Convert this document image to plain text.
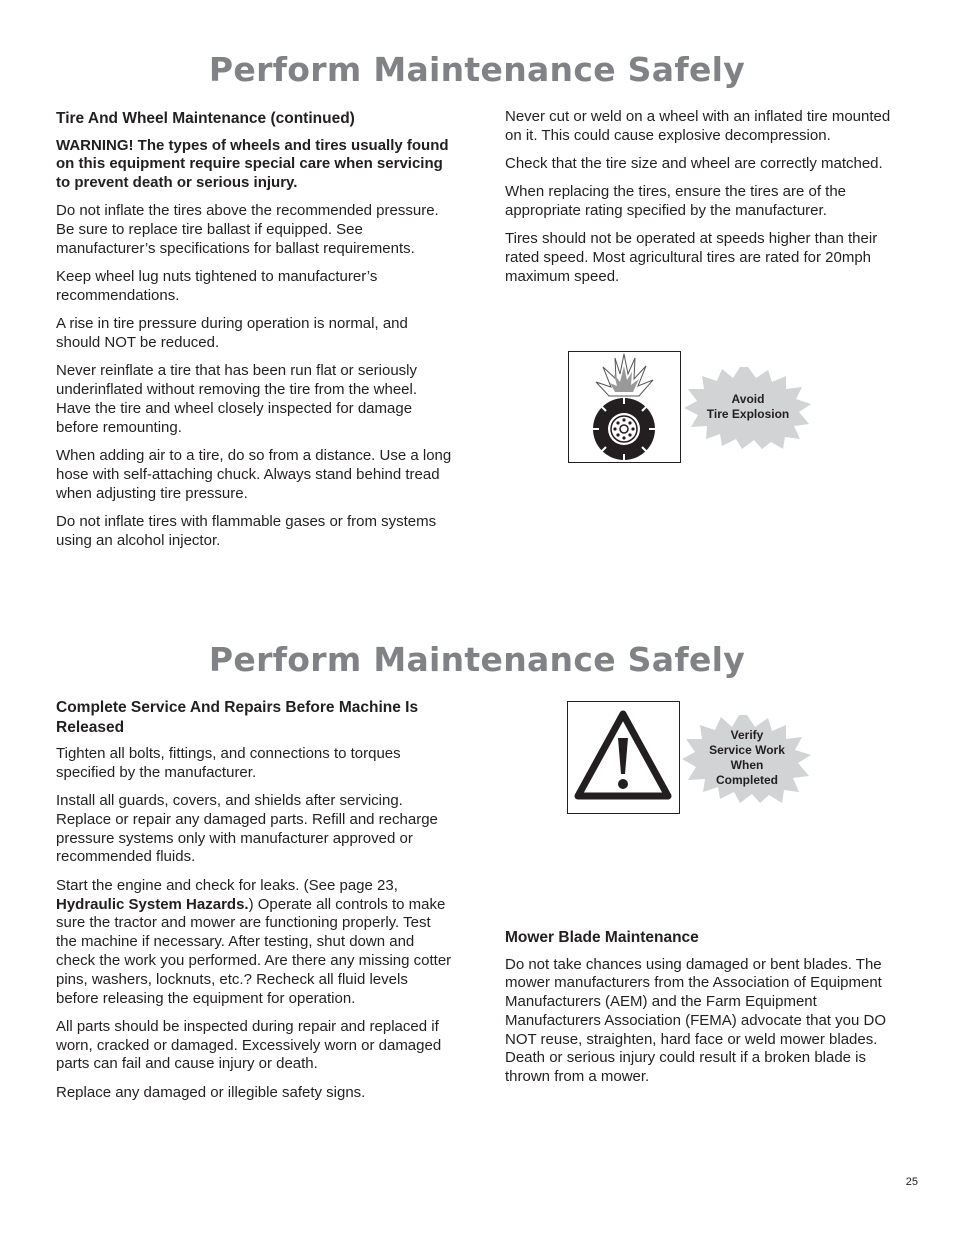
Perform Maintenance Safely
Tire And Wheel Maintenance (continued)

WARNING! The types of wheels and tires usually found on this equipment require special care when servicing to prevent death or serious injury.

Do not inflate the tires above the recommended pressure. Be sure to replace tire ballast if equipped. See manufacturer’s specifications for ballast requirements.

Keep wheel lug nuts tightened to manufacturer’s recommendations.

A rise in tire pressure during operation is normal, and should NOT be reduced.

Never reinflate a tire that has been run flat or seriously underinflated without removing the tire from the wheel. Have the tire and wheel closely inspected for damage before remounting.

When adding air to a tire, do so from a distance. Use a long hose with self-attaching chuck. Always stand behind tread when adjusting tire pressure.

Do not inflate tires with flammable gases or from systems using an alcohol injector.

Never cut or weld on a wheel with an inflated tire mounted on it. This could cause explosive decompression.

Check that the tire size and wheel are correctly matched.

When replacing the tires, ensure the tires are of the appropriate rating specified by the manufacturer.

Tires should not be operated at speeds higher than their rated speed. Most agricultural tires are rated for 20mph maximum speed.

Avoid
Tire Explosion
Perform Maintenance Safely
Complete Service And Repairs Before Machine Is Released

Tighten all bolts, fittings, and connections to torques specified by the manufacturer.

Install all guards, covers, and shields after servicing. Replace or repair any damaged parts. Refill and recharge pressure systems only with manufacturer approved or recommended fluids.

Start the engine and check for leaks. (See page 23, Hydraulic System Hazards.) Operate all controls to make sure the tractor and mower are functioning properly. Test the machine if necessary. After testing, shut down and check the work you performed. Are there any missing cotter pins, washers, locknuts, etc.? Recheck all fluid levels before releasing the equipment for operation.

All parts should be inspected during repair and replaced if worn, cracked or damaged. Excessively worn or damaged parts can fail and cause injury or death.

Replace any damaged or illegible safety signs.

Verify
Service Work
When
Completed
Mower Blade Maintenance

Do not take chances using damaged or bent blades. The mower manufacturers from the Association of Equipment Manufacturers (AEM) and the Farm Equipment Manufacturers Association (FEMA) advocate that you DO NOT reuse, straighten, hard face or weld mower blades. Death or serious injury could result if a broken blade is thrown from a mower.

25
